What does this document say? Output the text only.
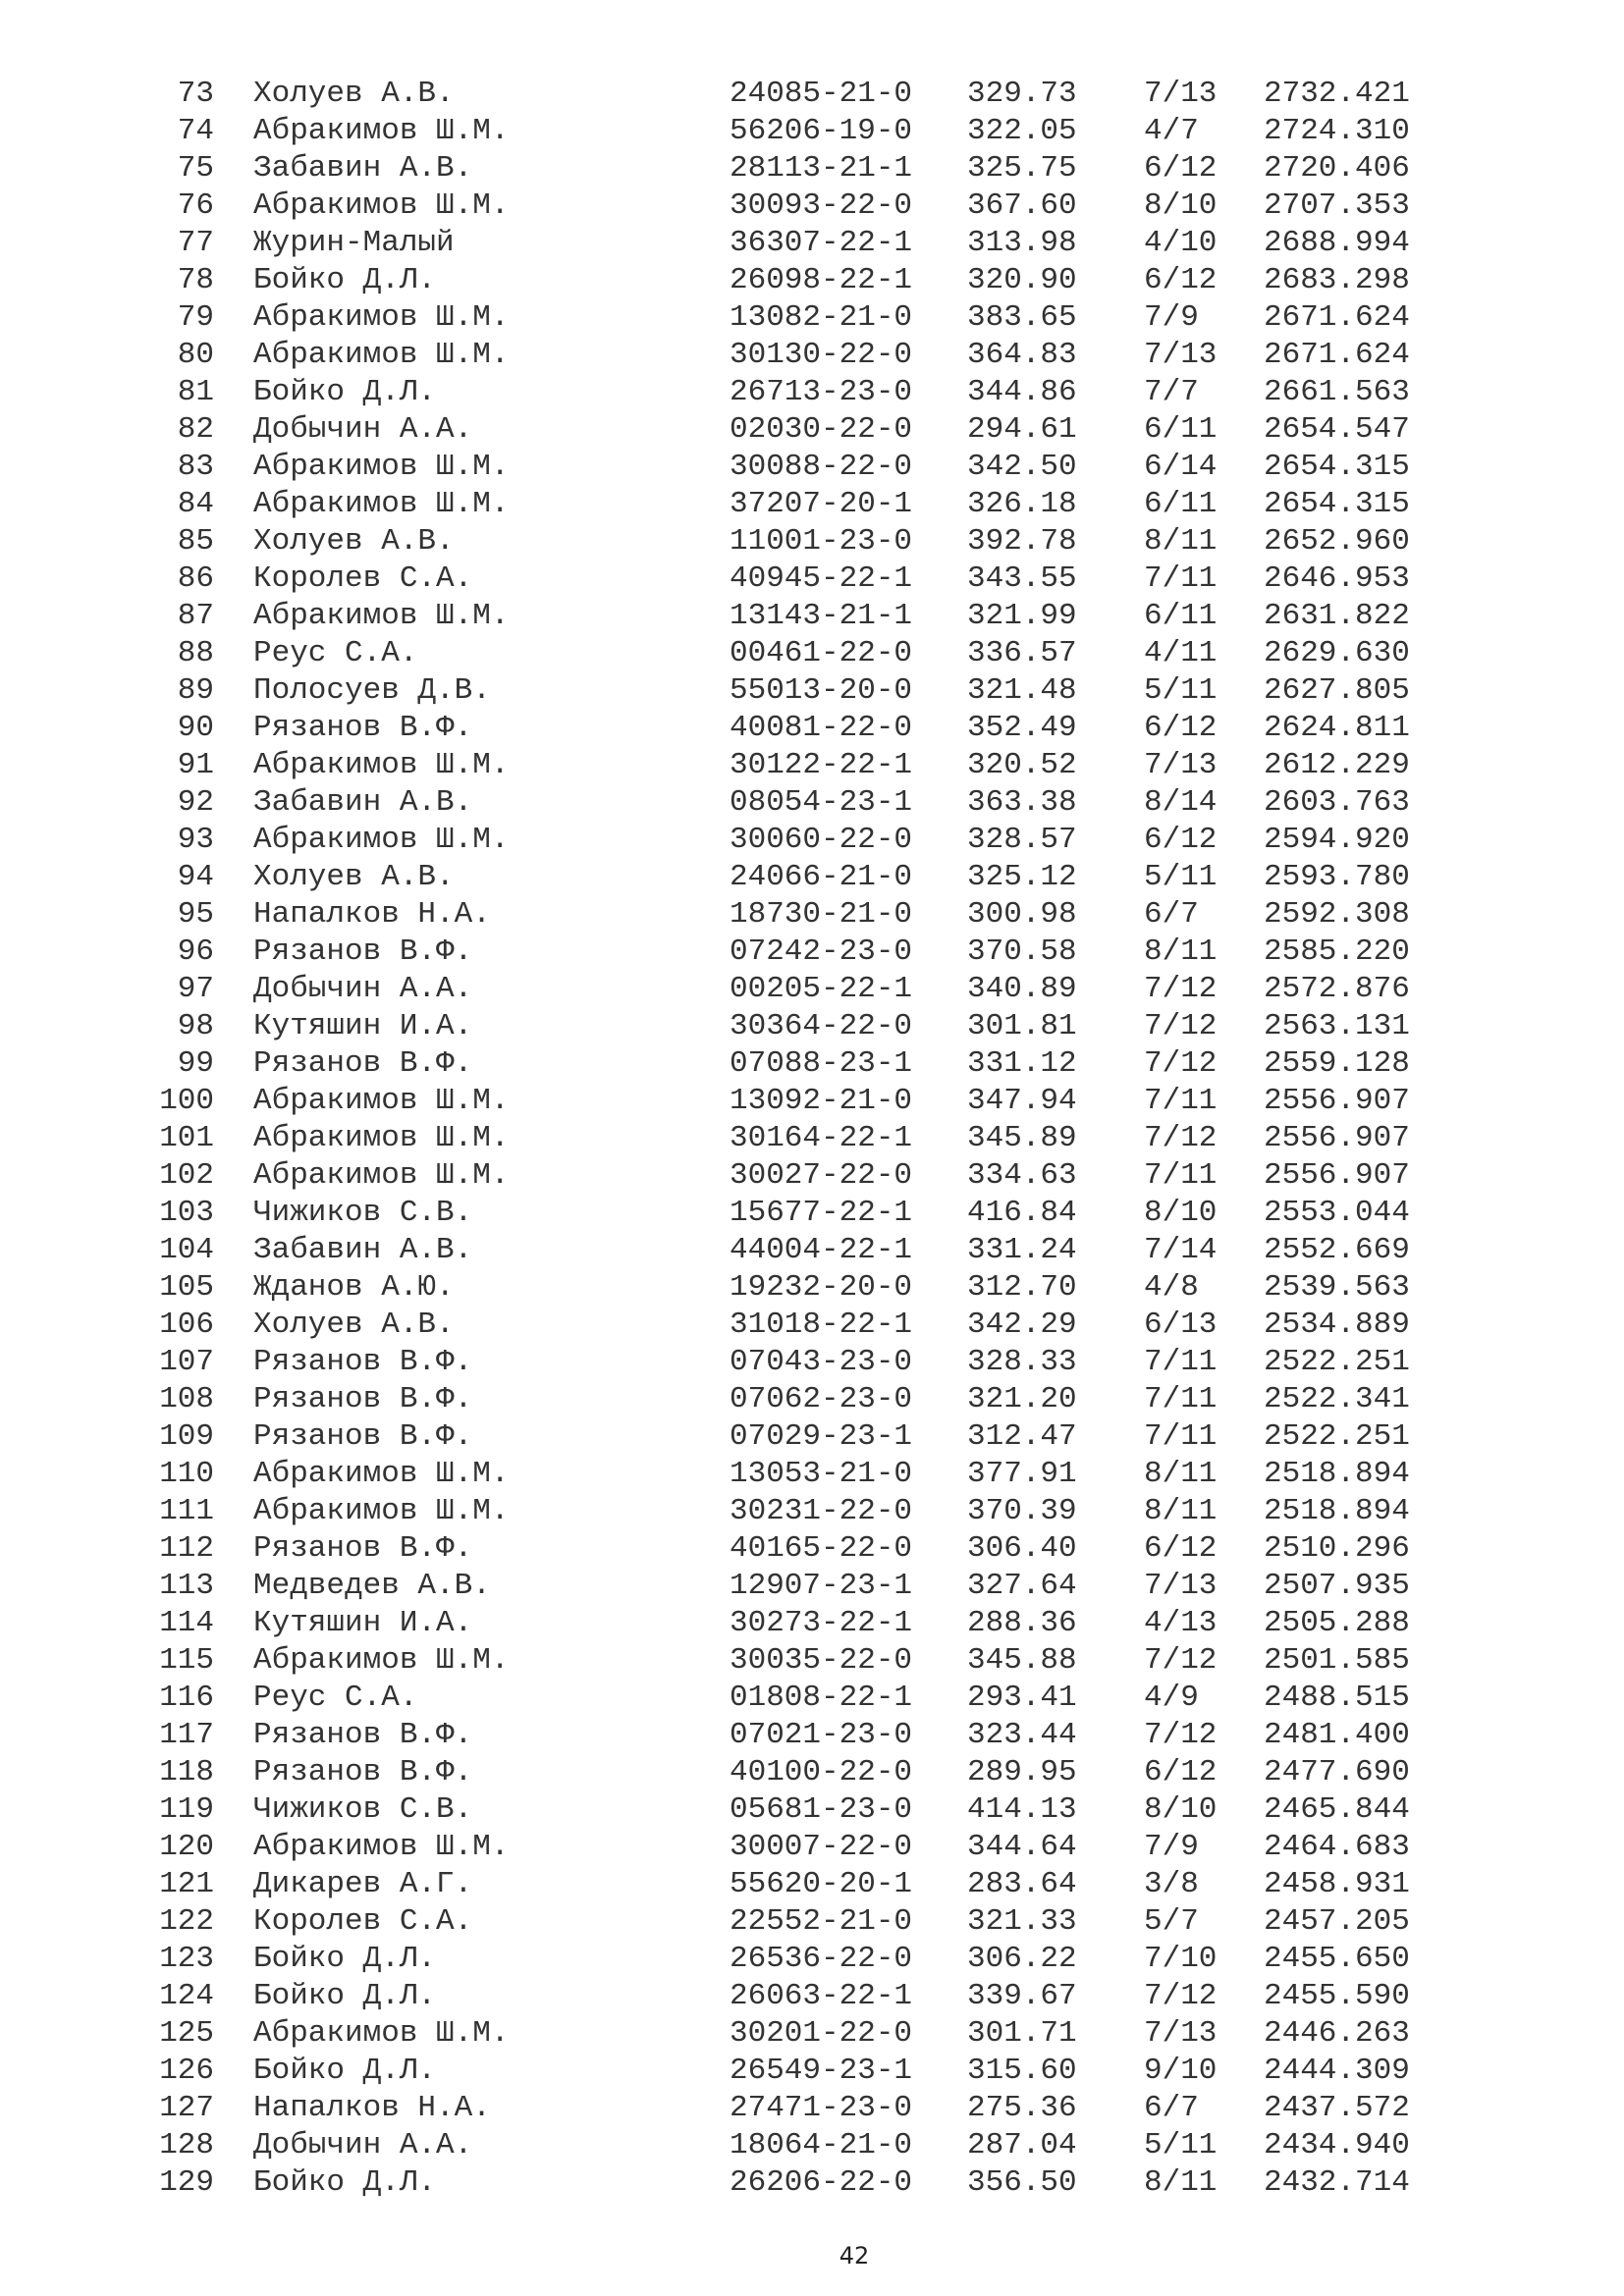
73 Холуев А.В.	24085-21-0 329.73 7/13 2732.421
74 Абракимов Ш.М.	56206-19-0 322.05 4/7 2724.310
75 Забавин А.В.	28113-21-1 325.75 6/12 2720.406
76 Абракимов Ш.М.	30093-22-0 367.60 8/10 2707.353
77 Журин-Малый	36307-22-1 313.98 4/10 2688.994
78 Бойко Д.Л.	26098-22-1 320.90 6/12 2683.298
79 Абракимов Ш.М.	13082-21-0 383.65 7/9 2671.624
80 Абракимов Ш.М.	30130-22-0 364.83 7/13 2671.624
81 Бойко Д.Л.	26713-23-0 344.86 7/7 2661.563
82 Добычин А.А.	02030-22-0 294.61 6/11 2654.547
83 Абракимов Ш.М.	30088-22-0 342.50 6/14 2654.315
84 Абракимов Ш.М.	37207-20-1 326.18 6/11 2654.315
85 Холуев А.В.	11001-23-0 392.78 8/11 2652.960
86 Королев С.А.	40945-22-1 343.55 7/11 2646.953
87 Абракимов Ш.М.	13143-21-1 321.99 6/11 2631.822
88 Реус С.А.	00461-22-0 336.57 4/11 2629.630
89 Полосуев Д.В.	55013-20-0 321.48 5/11 2627.805
90 Рязанов В.Ф.	40081-22-0 352.49 6/12 2624.811
91 Абракимов Ш.М.	30122-22-1 320.52 7/13 2612.229
92 Забавин А.В.	08054-23-1 363.38 8/14 2603.763
93 Абракимов Ш.М.	30060-22-0 328.57 6/12 2594.920
94 Холуев А.В.	24066-21-0 325.12 5/11 2593.780
95 Напалков Н.А.	18730-21-0 300.98 6/7 2592.308
96 Рязанов В.Ф.	07242-23-0 370.58 8/11 2585.220
97 Добычин А.А.	00205-22-1 340.89 7/12 2572.876
98 Кутяшин И.А.	30364-22-0 301.81 7/12 2563.131
99 Рязанов В.Ф.	07088-23-1 331.12 7/12 2559.128
100 Абракимов Ш.М.	13092-21-0 347.94 7/11 2556.907
101 Абракимов Ш.М.	30164-22-1 345.89 7/12 2556.907
102 Абракимов Ш.М.	30027-22-0 334.63 7/11 2556.907
103 Чижиков С.В.	15677-22-1 416.84 8/10 2553.044
104 Забавин А.В.	44004-22-1 331.24 7/14 2552.669
105 Жданов А.Ю.	19232-20-0 312.70 4/8 2539.563
106 Холуев А.В.	31018-22-1 342.29 6/13 2534.889
107 Рязанов В.Ф.	07043-23-0 328.33 7/11 2522.251
108 Рязанов В.Ф.	07062-23-0 321.20 7/11 2522.341
109 Рязанов В.Ф.	07029-23-1 312.47 7/11 2522.251
110 Абракимов Ш.М.	13053-21-0 377.91 8/11 2518.894
111 Абракимов Ш.М.	30231-22-0 370.39 8/11 2518.894
112 Рязанов В.Ф.	40165-22-0 306.40 6/12 2510.296
113 Медведев А.В.	12907-23-1 327.64 7/13 2507.935
114 Кутяшин И.А.	30273-22-1 288.36 4/13 2505.288
115 Абракимов Ш.М.	30035-22-0 345.88 7/12 2501.585
116 Реус С.А.	01808-22-1 293.41 4/9 2488.515
117 Рязанов В.Ф.	07021-23-0 323.44 7/12 2481.400
118 Рязанов В.Ф.	40100-22-0 289.95 6/12 2477.690
119 Чижиков С.В.	05681-23-0 414.13 8/10 2465.844
120 Абракимов Ш.М.	30007-22-0 344.64 7/9 2464.683
121 Дикарев А.Г.	55620-20-1 283.64 3/8 2458.931
122 Королев С.А.	22552-21-0 321.33 5/7 2457.205
123 Бойко Д.Л.	26536-22-0 306.22 7/10 2455.650
124 Бойко Д.Л.	26063-22-1 339.67 7/12 2455.590
125 Абракимов Ш.М.	30201-22-0 301.71 7/13 2446.263
126 Бойко Д.Л.	26549-23-1 315.60 9/10 2444.309
127 Напалков Н.А.	27471-23-0 275.36 6/7 2437.572
128 Добычин А.А.	18064-21-0 287.04 5/11 2434.940
129 Бойко Д.Л.	26206-22-0 356.50 8/11 2432.714
42
